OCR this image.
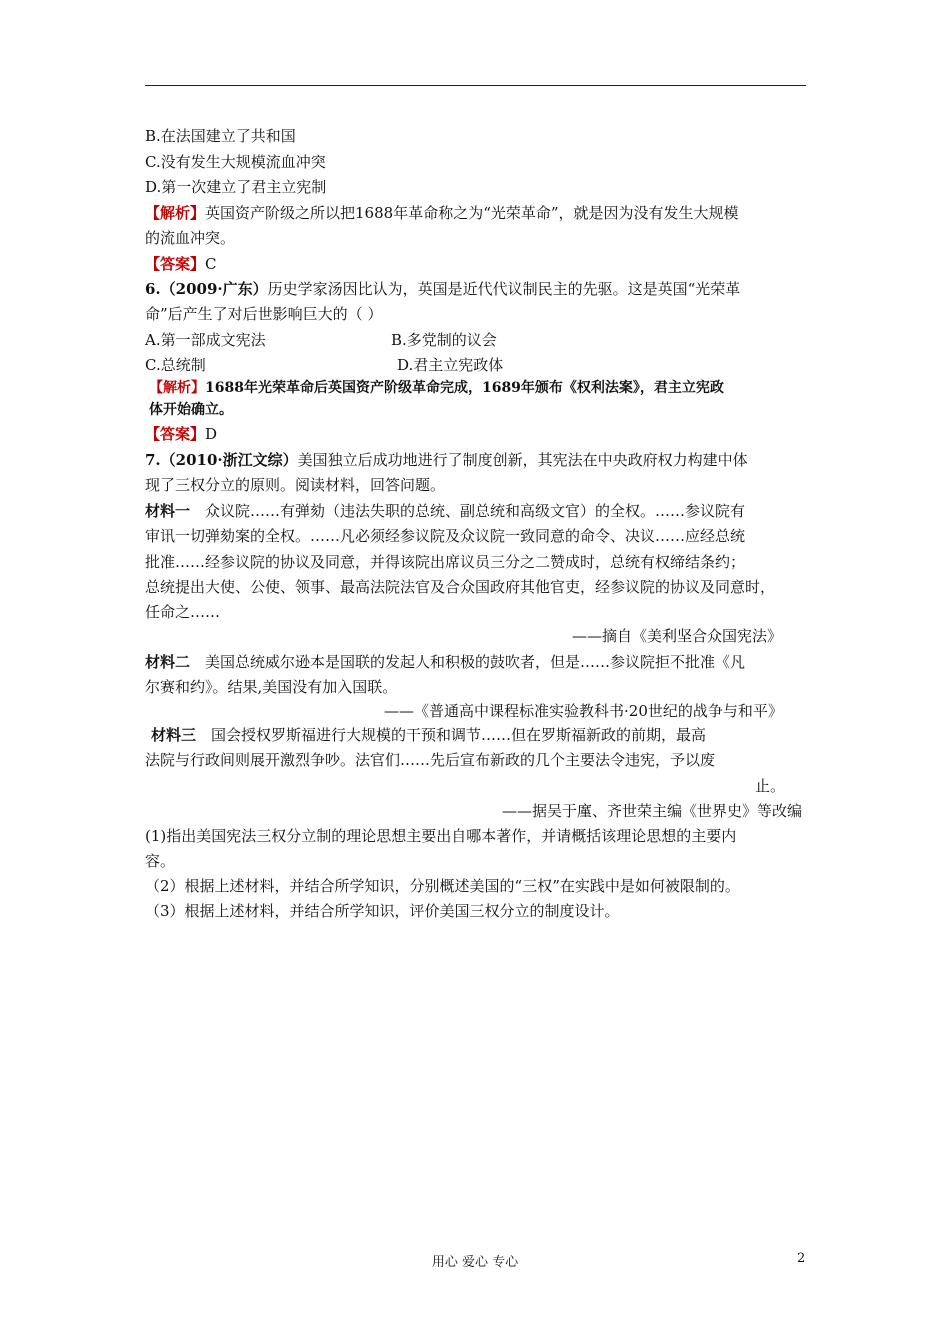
B.在法国建立了共和国
C.没有发生大规模流血冲突
D.第一次建立了君主立宪制
【解析】英国资产阶级之所以把1688年革命称之为“光荣革命”，就是因为没有发生大规模
的流血冲突。
【答案】C
6.（2009·广东）历史学家汤因比认为，英国是近代代议制民主的先驱。这是英国“光荣革
命”后产生了对后世影响巨大的（ ）
A.第一部成文宪法	B.多党制的议会
C.总统制	D.君主立宪政体
【解析】1688年光荣革命后英国资产阶级革命完成，1689年颁布《权利法案》，君主立宪政
体开始确立。
【答案】D
7.（2010·浙江文综）美国独立后成功地进行了制度创新，其宪法在中央政府权力构建中体
现了三权分立的原则。阅读材料，回答问题。
材料一 众议院……有弹劾（违法失职的总统、副总统和高级文官）的全权。……参议院有
审讯一切弹劾案的全权。……凡必须经参议院及众议院一致同意的命令、决议……应经总统
批准……经参议院的协议及同意，并得该院出席议员三分之二赞成时，总统有权缔结条约；
总统提出大使、公使、领事、最高法院法官及合众国政府其他官吏，经参议院的协议及同意时，
任命之……
——摘自《美利坚合众国宪法》
材料二 美国总统威尔逊本是国联的发起人和积极的鼓吹者，但是……参议院拒不批准《凡
尔赛和约》。结果,美国没有加入国联。
——《普通高中课程标准实验教科书·20世纪的战争与和平》
材料三 国会授权罗斯福进行大规模的干预和调节……但在罗斯福新政的前期，最高
法院与行政间则展开激烈争吵。法官们……先后宣布新政的几个主要法令违宪，予以废
止。
——据吴于廑、齐世荣主编《世界史》等改编
(1)指出美国宪法三权分立制的理论思想主要出自哪本著作，并请概括该理论思想的主要内
容。
（2）根据上述材料，并结合所学知识，分别概述美国的“三权”在实践中是如何被限制的。
（3）根据上述材料，并结合所学知识，评价美国三权分立的制度设计。
用心 爱心 专心	2
